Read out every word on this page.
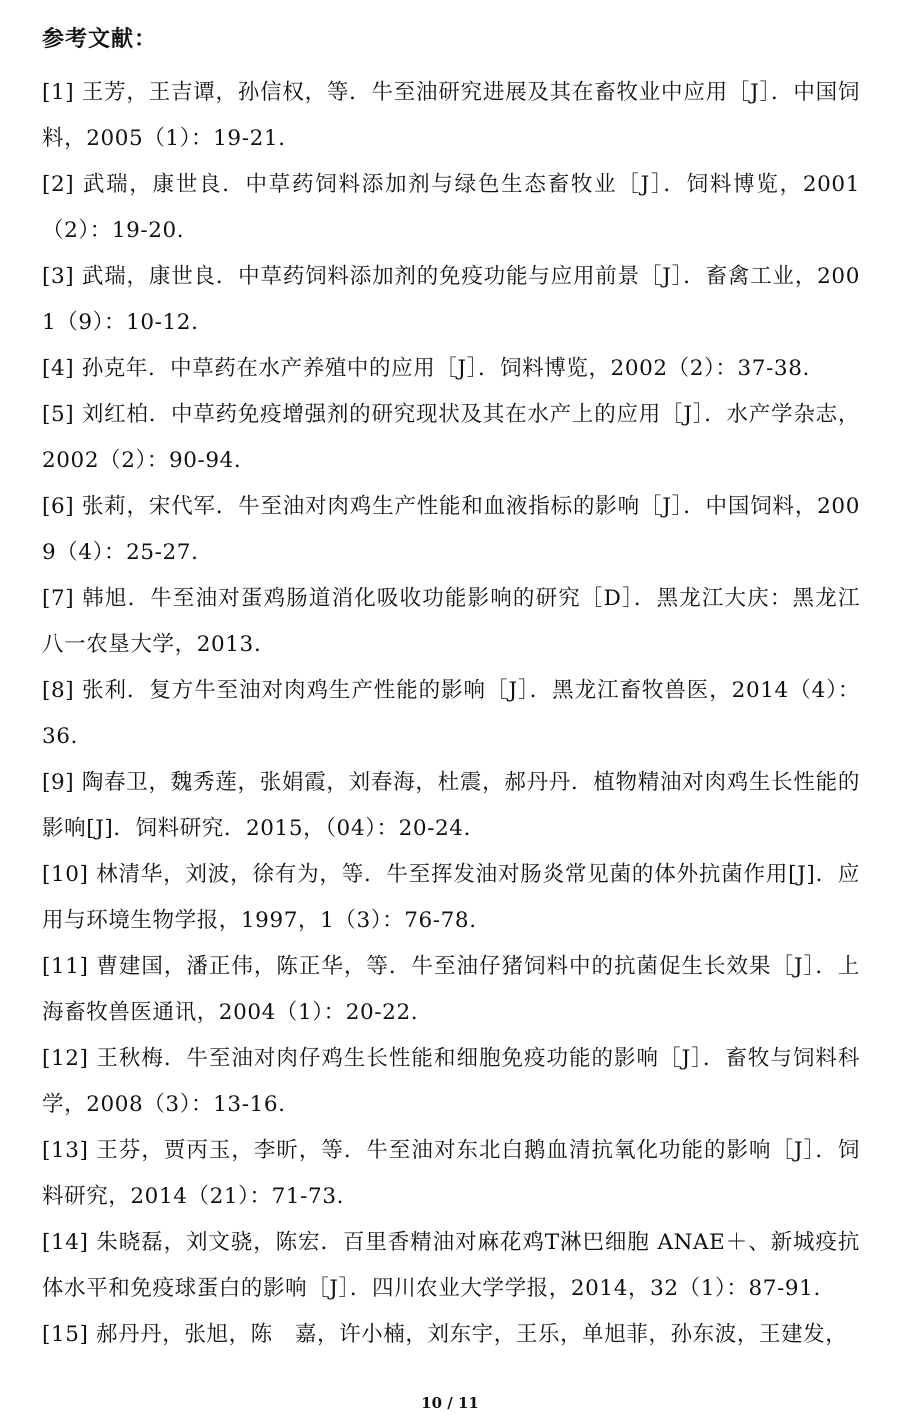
参考文献：

[1] 王芳，王吉谭，孙信权，等．牛至油研究进展及其在畜牧业中应用［J］．中国饲料，2005（1）：19-21.

[2] 武瑞，康世良．中草药饲料添加剂与绿色生态畜牧业［J］．饲料博览，2001（2）：19-20.

[3] 武瑞，康世良．中草药饲料添加剂的免疫功能与应用前景［J］．畜禽工业，2001（9）：10-12.

[4] 孙克年．中草药在水产养殖中的应用［J］．饲料博览，2002（2）：37-38.

[5] 刘红柏．中草药免疫增强剂的研究现状及其在水产上的应用［J］．水产学杂志，2002（2）：90-94.

[6] 张莉，宋代军．牛至油对肉鸡生产性能和血液指标的影响［J］．中国饲料，2009（4）：25-27.

[7] 韩旭．牛至油对蛋鸡肠道消化吸收功能影响的研究［D］．黑龙江大庆：黑龙江八一农垦大学，2013.

[8] 张利．复方牛至油对肉鸡生产性能的影响［J］．黑龙江畜牧兽医，2014（4）：36.

[9] 陶春卫，魏秀莲，张娟霞，刘春海，杜震，郝丹丹．植物精油对肉鸡生长性能的影响[J]．饲料研究．2015，（04）：20-24.

[10] 林清华，刘波，徐有为，等．牛至挥发油对肠炎常见菌的体外抗菌作用[J]．应用与环境生物学报，1997，1（3）：76-78.

[11] 曹建国，潘正伟，陈正华，等．牛至油仔猪饲料中的抗菌促生长效果［J］．上海畜牧兽医通讯，2004（1）：20-22.

[12] 王秋梅．牛至油对肉仔鸡生长性能和细胞免疫功能的影响［J］．畜牧与饲料科学，2008（3）：13-16.

[13] 王芬，贾丙玉，李昕，等．牛至油对东北白鹅血清抗氧化功能的影响［J］．饲料研究，2014（21）：71-73.

[14] 朱晓磊，刘文骁，陈宏．百里香精油对麻花鸡T淋巴细胞 ANAE＋、新城疫抗体水平和免疫球蛋白的影响［J］．四川农业大学学报，2014，32（1）：87-91.

[15] 郝丹丹，张旭，陈　嘉，许小楠，刘东宇，王乐，单旭菲，孙东波，王建发，

10 / 11
